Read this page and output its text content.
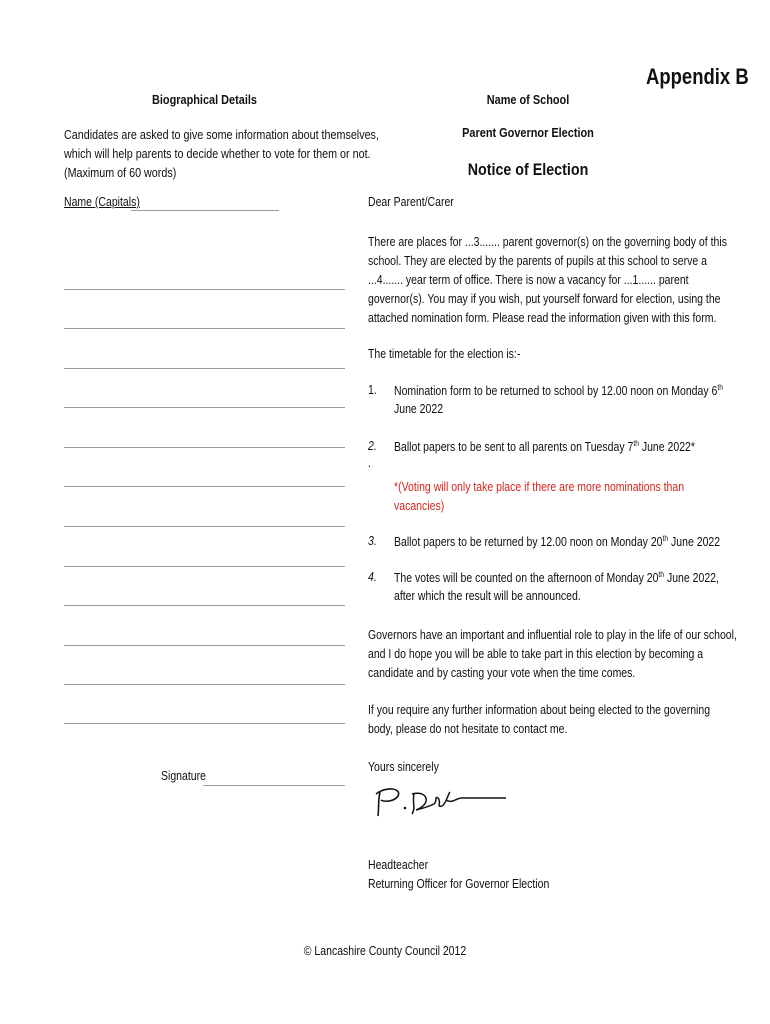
Appendix B
Biographical Details
Candidates are asked to give some information about themselves,
which will help parents to decide whether to vote for them or not.
(Maximum of 60 words)
Name (Capitals)
Signature
Name of School
Parent Governor Election
Notice of Election
Dear Parent/Carer
There are places for ...3....... parent governor(s) on the governing body of this
school. They are elected by the parents of pupils at this school to serve a
...4....... year term of office. There is now a vacancy for ...1...... parent
governor(s). You may if you wish, put yourself forward for election, using the
attached nomination form. Please read the information given with this form.
The timetable for the election is:-
1. Nomination form to be returned to school by 12.00 noon on Monday 6th
June 2022
2. Ballot papers to be sent to all parents on Tuesday 7th June 2022*
.
*(Voting will only take place if there are more nominations than
vacancies)
3. Ballot papers to be returned by 12.00 noon on Monday 20th June 2022
4. The votes will be counted on the afternoon of Monday 20th June 2022,
after which the result will be announced.
Governors have an important and influential role to play in the life of our school,
and I do hope you will be able to take part in this election by becoming a
candidate and by casting your vote when the time comes.
If you require any further information about being elected to the governing
body, please do not hesitate to contact me.
Yours sincerely
Headteacher
Returning Officer for Governor Election
© Lancashire County Council 2012
